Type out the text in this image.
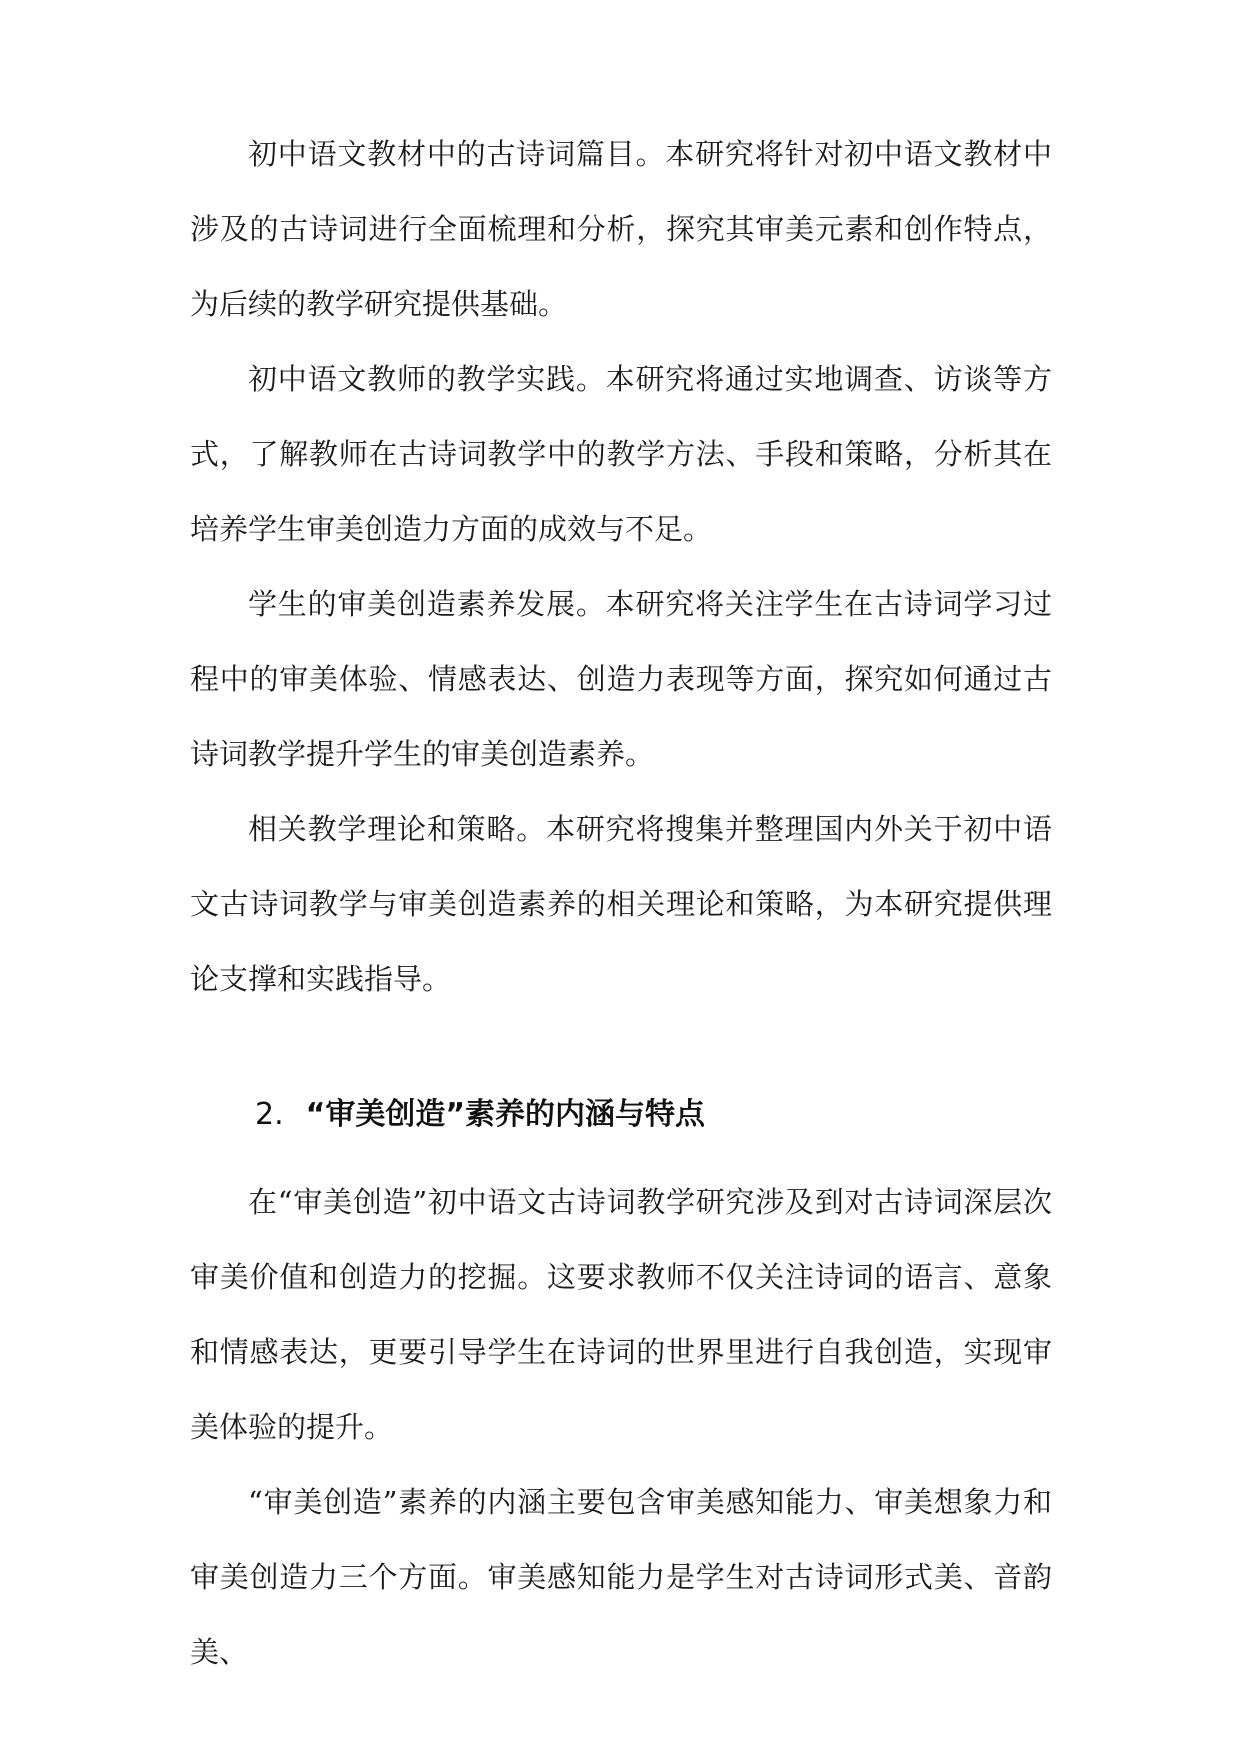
初中语文教材中的古诗词篇目。本研究将针对初中语文教材中涉及的古诗词进行全面梳理和分析，探究其审美元素和创作特点，为后续的教学研究提供基础。

初中语文教师的教学实践。本研究将通过实地调查、访谈等方式，了解教师在古诗词教学中的教学方法、手段和策略，分析其在培养学生审美创造力方面的成效与不足。

学生的审美创造素养发展。本研究将关注学生在古诗词学习过程中的审美体验、情感表达、创造力表现等方面，探究如何通过古诗词教学提升学生的审美创造素养。

相关教学理论和策略。本研究将搜集并整理国内外关于初中语文古诗词教学与审美创造素养的相关理论和策略，为本研究提供理论支撑和实践指导。

2. “审美创造”素养的内涵与特点

在“审美创造”初中语文古诗词教学研究涉及到对古诗词深层次审美价值和创造力的挖掘。这要求教师不仅关注诗词的语言、意象和情感表达，更要引导学生在诗词的世界里进行自我创造，实现审美体验的提升。

“审美创造”素养的内涵主要包含审美感知能力、审美想象力和审美创造力三个方面。审美感知能力是学生对古诗词形式美、音韵美、
